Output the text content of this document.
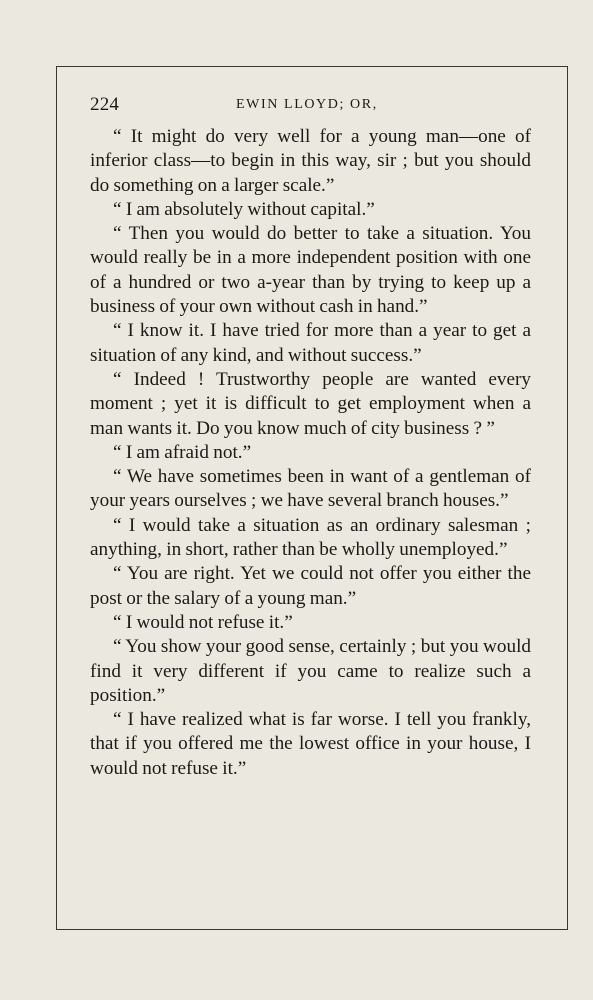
224	EWIN LLOYD; OR,

“ It might do very well for a young man—one of inferior class—to begin in this way, sir ; but you should do something on a larger scale.”

“ I am absolutely without capital.”

“ Then you would do better to take a situation. You would really be in a more independent position with one of a hundred or two a-year than by trying to keep up a business of your own without cash in hand.”

“ I know it. I have tried for more than a year to get a situation of any kind, and without success.”

“ Indeed ! Trustworthy people are wanted every moment ; yet it is difficult to get employment when a man wants it. Do you know much of city business ? ”

“ I am afraid not.”

“ We have sometimes been in want of a gentleman of your years ourselves ; we have several branch houses.”

“ I would take a situation as an ordinary salesman ; anything, in short, rather than be wholly unemployed.”

“ You are right. Yet we could not offer you either the post or the salary of a young man.”

“ I would not refuse it.”

“ You show your good sense, certainly ; but you would find it very different if you came to realize such a position.”

“ I have realized what is far worse. I tell you frankly, that if you offered me the lowest office in your house, I would not refuse it.”
